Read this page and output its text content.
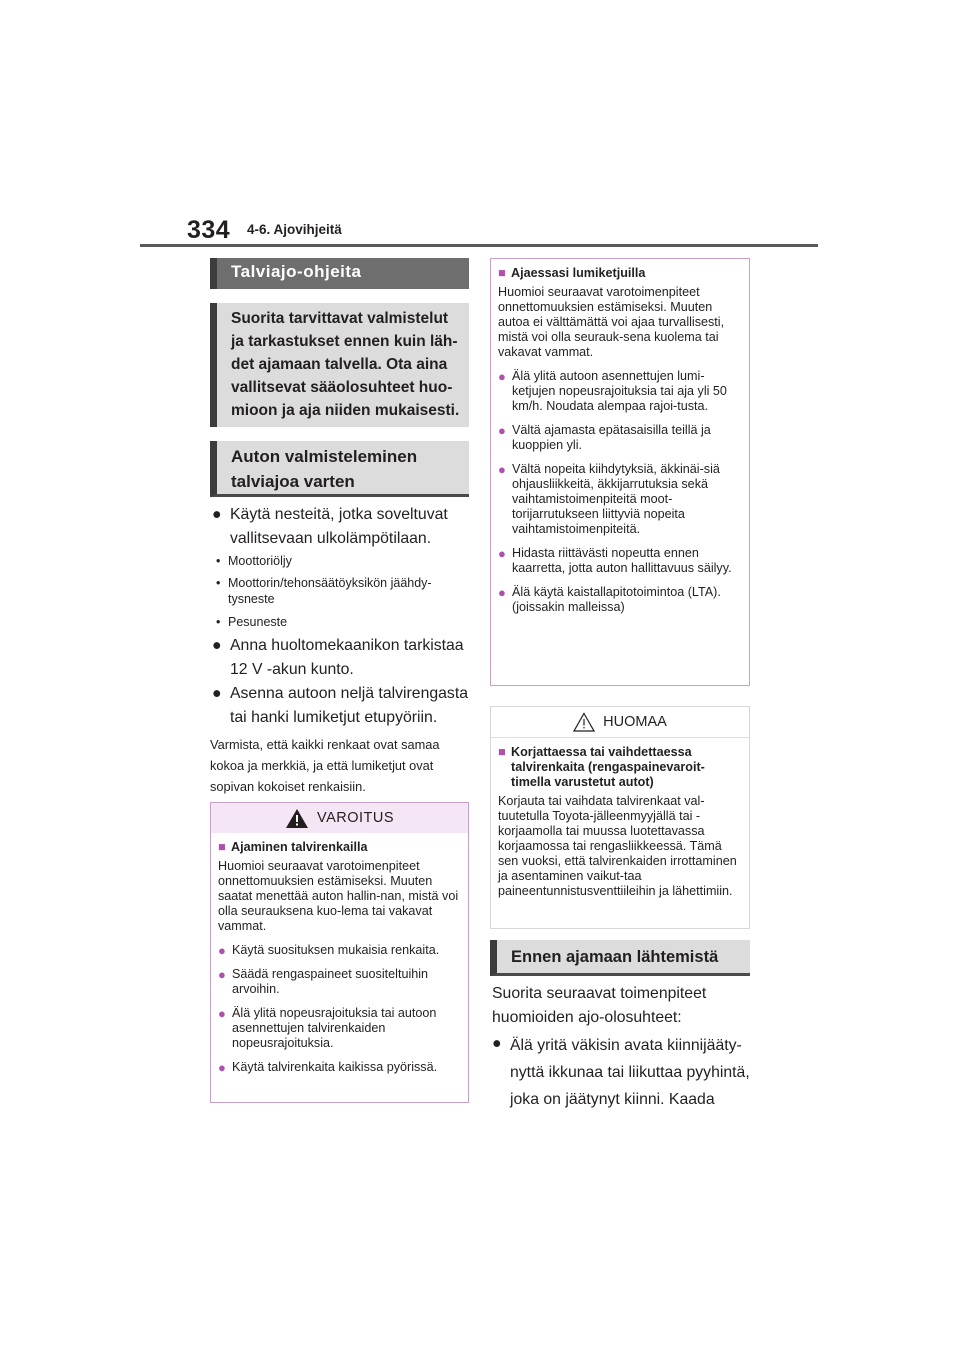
334 4-6. Ajovihjeitä
Talviajo-ohjeita
Suorita tarvittavat valmistelut ja tarkastukset ennen kuin läh-det ajamaan talvella. Ota aina vallitsevat sääolosuhteet huo-mioon ja aja niiden mukaisesti.
Auton valmisteleminen talviajoa varten
● Käytä nesteitä, jotka soveltuvat vallitsevaan ulkolämpötilaan.
• Moottoriöljy
• Moottorin/tehonsäätöyksikön jäähdy-tysneste
• Pesuneste
● Anna huoltomekaanikon tarkistaa 12 V -akun kunto.
● Asenna autoon neljä talvirengasta tai hanki lumiketjut etupyöriin.
Varmista, että kaikki renkaat ovat samaa kokoa ja merkkiä, ja että lumiketjut ovat sopivan kokoiset renkaisiin.
VAROITUS
■ Ajaminen talvirenkailla
Huomioi seuraavat varotoimenpiteet onnettomuuksien estämiseksi. Muuten saatat menettää auton hallin-nan, mistä voi olla seurauksena kuo-lema tai vakavat vammat.
● Käytä suosituksen mukaisia renkaita.
● Säädä rengaspaineet suositeltuihin arvoihin.
● Älä ylitä nopeusrajoituksia tai autoon asennettujen talvirenkaiden nopeusrajoituksia.
● Käytä talvirenkaita kaikissa pyörissä.
■ Ajaessasi lumiketjuilla
Huomioi seuraavat varotoimenpiteet onnettomuuksien estämiseksi. Muuten autoa ei välttämättä voi ajaa turvallisesti, mistä voi olla seurauk-sena kuolema tai vakavat vammat.
● Älä ylitä autoon asennettujen lumi-ketjujen nopeusrajoituksia tai aja yli 50 km/h. Noudata alempaa rajoi-tusta.
● Vältä ajamasta epätasaisilla teillä ja kuoppien yli.
● Vältä nopeita kiihdytyksiä, äkkinäi-siä ohjausliikkeitä, äkkijarrutuksia sekä vaihtamistoimenpiteitä moot-torijarrutukseen liittyviä nopeita vaihtamistoimenpiteitä.
● Hidasta riittävästi nopeutta ennen kaarretta, jotta auton hallittavuus säilyy.
● Älä käytä kaistallapitotoimintoa (LTA). (joissakin malleissa)
HUOMAA
■ Korjattaessa tai vaihdettaessa talvirenkaita (rengaspainevaroit-timella varustetut autot)
Korjauta tai vaihdata talvirenkaat val-tuutetulla Toyota-jälleenmyyjällä tai -korjaamolla tai muussa luotettavassa korjaamossa tai rengasliikkeessä. Tämä sen vuoksi, että talvirenkaiden irrottaminen ja asentaminen vaikut-taa paineentunnistusventtiileihin ja lähettimiin.
Ennen ajamaan lähtemistä
Suorita seuraavat toimenpiteet huomioiden ajo-olosuhteet:
● Älä yritä väkisin avata kiinnijääty-nyttä ikkunaa tai liikuttaa pyyhintä, joka on jäätynyt kiinni. Kaada
